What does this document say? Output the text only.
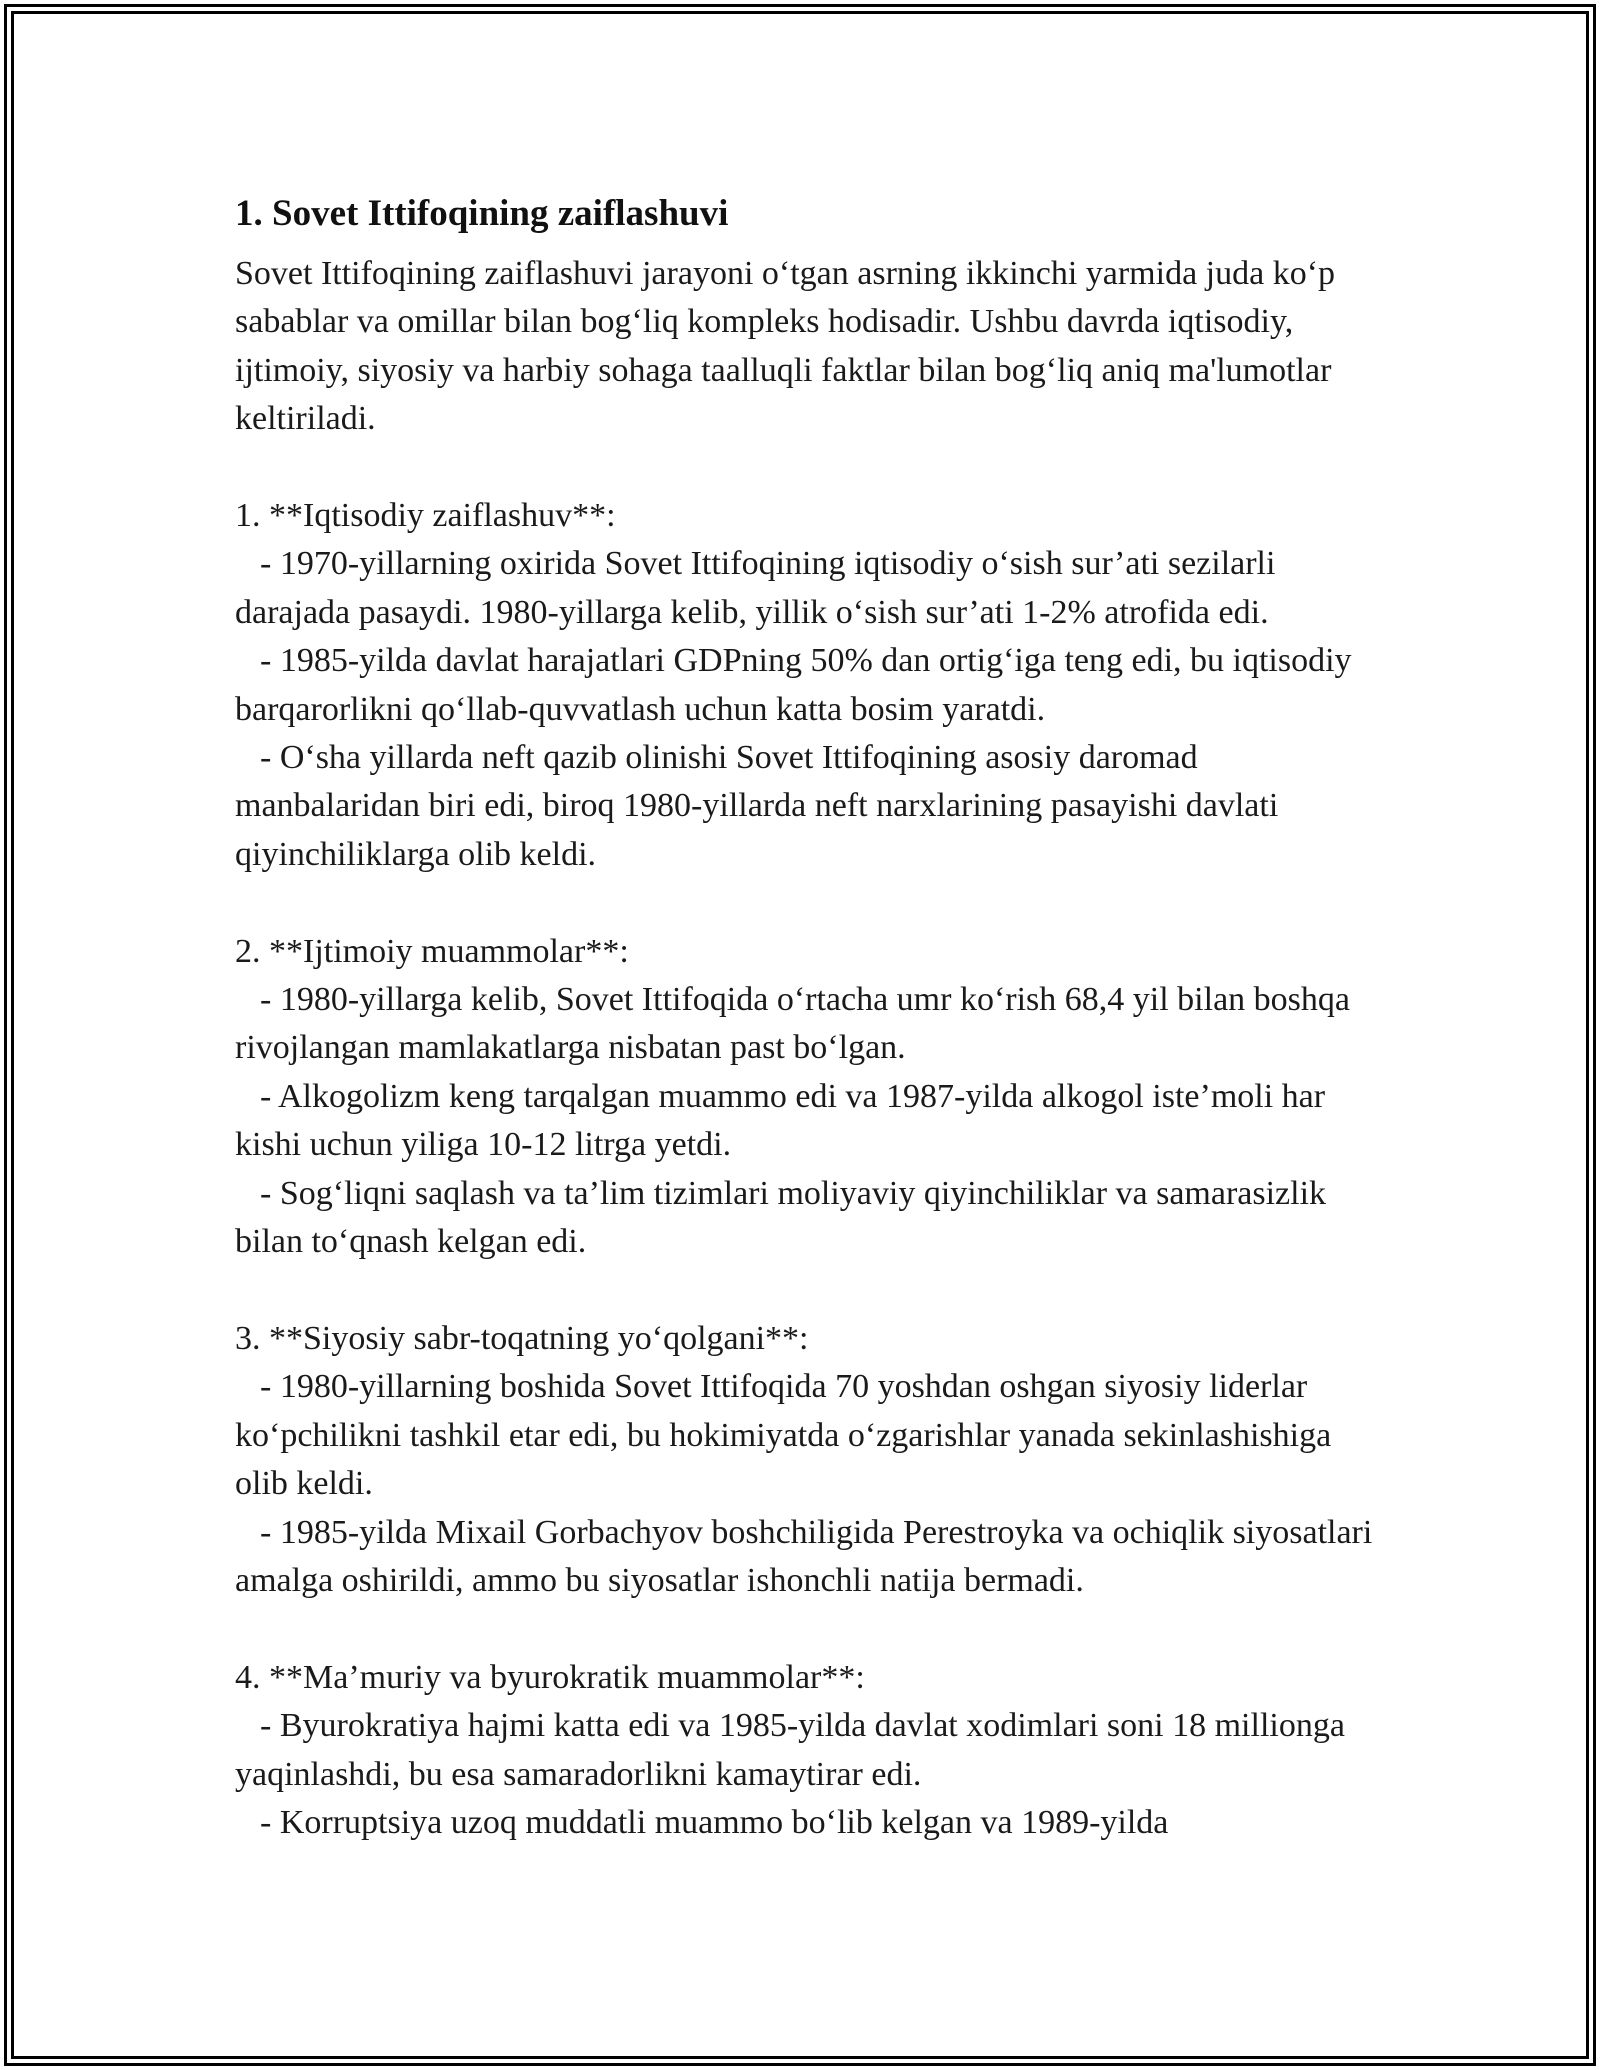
1. Sovet Ittifoqining zaiflashuvi

Sovet Ittifoqining zaiflashuvi jarayoni o‘tgan asrning ikkinchi yarmida juda ko‘p sabablar va omillar bilan bog‘liq kompleks hodisadir. Ushbu davrda iqtisodiy, ijtimoiy, siyosiy va harbiy sohaga taalluqli faktlar bilan bog‘liq aniq ma'lumotlar keltiriladi.

1. **Iqtisodiy zaiflashuv**:

- 1970-yillarning oxirida Sovet Ittifoqining iqtisodiy o‘sish sur’ati sezilarli darajada pasaydi. 1980-yillarga kelib, yillik o‘sish sur’ati 1-2% atrofida edi.

- 1985-yilda davlat harajatlari GDPning 50% dan ortig‘iga teng edi, bu iqtisodiy barqarorlikni qo‘llab-quvvatlash uchun katta bosim yaratdi.

- O‘sha yillarda neft qazib olinishi Sovet Ittifoqining asosiy daromad manbalaridan biri edi, biroq 1980-yillarda neft narxlarining pasayishi davlati qiyinchiliklarga olib keldi.

2. **Ijtimoiy muammolar**:

- 1980-yillarga kelib, Sovet Ittifoqida o‘rtacha umr ko‘rish 68,4 yil bilan boshqa rivojlangan mamlakatlarga nisbatan past bo‘lgan.

- Alkogolizm keng tarqalgan muammo edi va 1987-yilda alkogol iste’moli har kishi uchun yiliga 10-12 litrga yetdi.

- Sog‘liqni saqlash va ta’lim tizimlari moliyaviy qiyinchiliklar va samarasizlik bilan to‘qnash kelgan edi.

3. **Siyosiy sabr-toqatning yo‘qolgani**:

- 1980-yillarning boshida Sovet Ittifoqida 70 yoshdan oshgan siyosiy liderlar ko‘pchilikni tashkil etar edi, bu hokimiyatda o‘zgarishlar yanada sekinlashishiga olib keldi.

- 1985-yilda Mixail Gorbachyov boshchiligida Perestroyka va ochiqlik siyosatlari amalga oshirildi, ammo bu siyosatlar ishonchli natija bermadi.

4. **Ma’muriy va byurokratik muammolar**:

- Byurokratiya hajmi katta edi va 1985-yilda davlat xodimlari soni 18 millionga yaqinlashdi, bu esa samaradorlikni kamaytirar edi.

- Korruptsiya uzoq muddatli muammo bo‘lib kelgan va 1989-yilda
